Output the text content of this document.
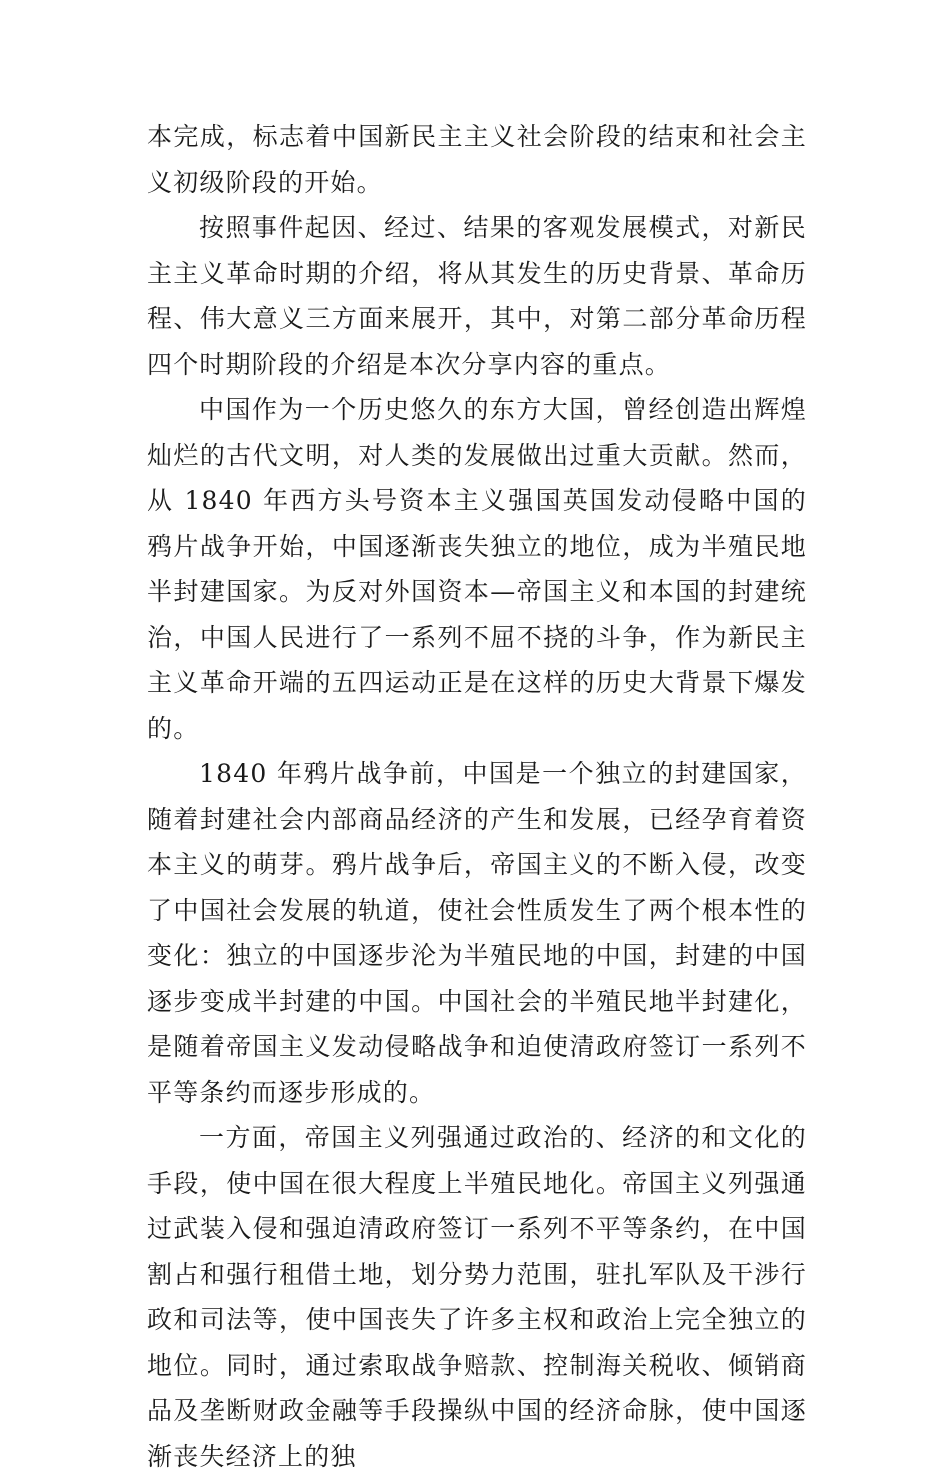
本完成，标志着中国新民主主义社会阶段的结束和社会主义初级阶段的开始。

按照事件起因、经过、结果的客观发展模式，对新民主主义革命时期的介绍，将从其发生的历史背景、革命历程、伟大意义三方面来展开，其中，对第二部分革命历程四个时期阶段的介绍是本次分享内容的重点。

中国作为一个历史悠久的东方大国，曾经创造出辉煌灿烂的古代文明，对人类的发展做出过重大贡献。然而，从 1840 年西方头号资本主义强国英国发动侵略中国的鸦片战争开始，中国逐渐丧失独立的地位，成为半殖民地半封建国家。为反对外国资本—帝国主义和本国的封建统治，中国人民进行了一系列不屈不挠的斗争，作为新民主主义革命开端的五四运动正是在这样的历史大背景下爆发的。

1840 年鸦片战争前，中国是一个独立的封建国家，随着封建社会内部商品经济的产生和发展，已经孕育着资本主义的萌芽。鸦片战争后，帝国主义的不断入侵，改变了中国社会发展的轨道，使社会性质发生了两个根本性的变化：独立的中国逐步沦为半殖民地的中国，封建的中国逐步变成半封建的中国。中国社会的半殖民地半封建化，是随着帝国主义发动侵略战争和迫使清政府签订一系列不平等条约而逐步形成的。

一方面，帝国主义列强通过政治的、经济的和文化的手段，使中国在很大程度上半殖民地化。帝国主义列强通过武装入侵和强迫清政府签订一系列不平等条约，在中国割占和强行租借土地，划分势力范围，驻扎军队及干涉行政和司法等，使中国丧失了许多主权和政治上完全独立的地位。同时，通过索取战争赔款、控制海关税收、倾销商品及垄断财政金融等手段操纵中国的经济命脉，使中国逐渐丧失经济上的独
